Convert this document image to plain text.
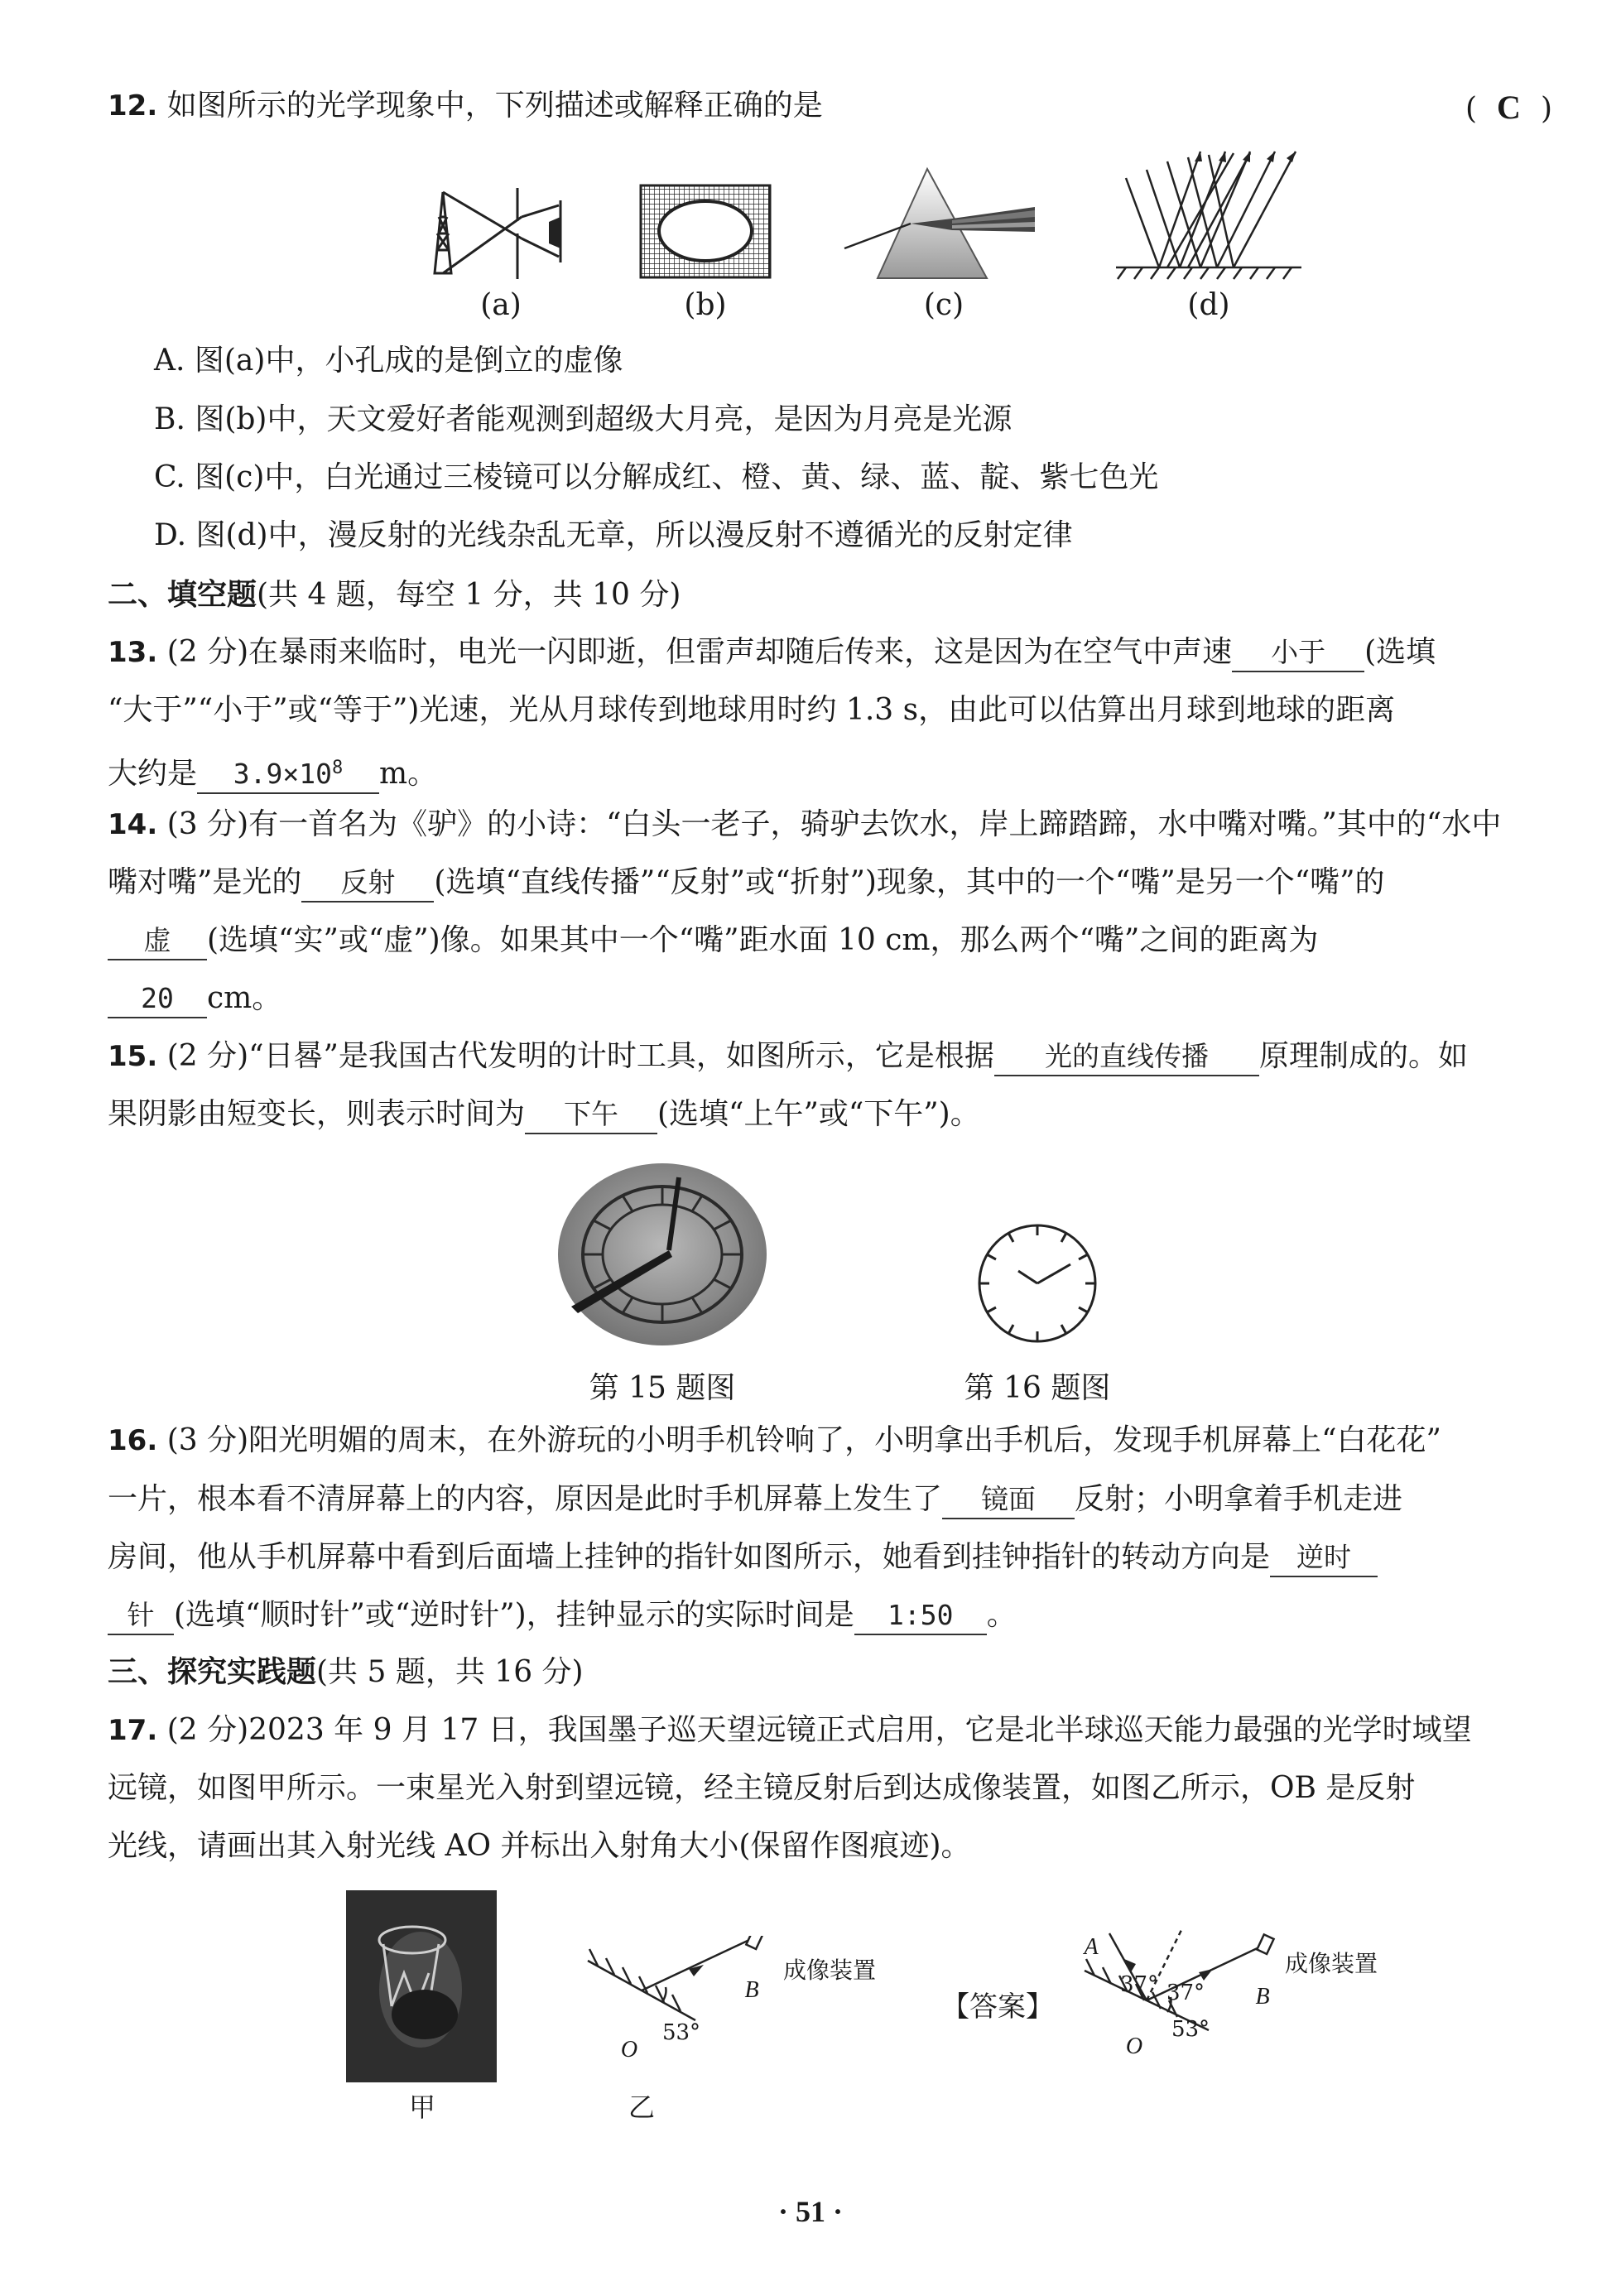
12. 如图所示的光学现象中，下列描述或解释正确的是	( C )
(a)	(b)	(c)	(d)
A. 图(a)中，小孔成的是倒立的虚像
B. 图(b)中，天文爱好者能观测到超级大月亮，是因为月亮是光源
C. 图(c)中，白光通过三棱镜可以分解成红、橙、黄、绿、蓝、靛、紫七色光
D. 图(d)中，漫反射的光线杂乱无章，所以漫反射不遵循光的反射定律
二、填空题(共 4 题，每空 1 分，共 10 分)
13. (2 分)在暴雨来临时，电光一闪即逝，但雷声却随后传来，这是因为在空气中声速 小于 (选填
“大于”“小于”或“等于”)光速，光从月球传到地球用时约 1.3 s，由此可以估算出月球到地球的距离
大约是 $3.9\times 10^8$ m。
14. (3 分)有一首名为《驴》的小诗：“白头一老子，骑驴去饮水，岸上蹄踏蹄，水中嘴对嘴。”其中的“水中
嘴对嘴”是光的 反射 (选填“直线传播”“反射”或“折射”)现象，其中的一个“嘴”是另一个“嘴”的
虚 (选填“实”或“虚”)像。如果其中一个“嘴”距水面 10 cm，那么两个“嘴”之间的距离为
20 cm。
15. (2 分)“日晷”是我国古代发明的计时工具，如图所示，它是根据 光的直线传播 原理制成的。如
果阴影由短变长，则表示时间为 下午 (选填“上午”或“下午”)。
第 15 题图	第 16 题图
16. (3 分)阳光明媚的周末，在外游玩的小明手机铃响了，小明拿出手机后，发现手机屏幕上“白花花”
一片，根本看不清屏幕上的内容，原因是此时手机屏幕上发生了 镜面 反射；小明拿着手机走进
房间，他从手机屏幕中看到后面墙上挂钟的指针如图所示，她看到挂钟指针的转动方向是 逆时
针 (选填“顺时针”或“逆时针”)，挂钟显示的实际时间是 1:50 。
三、探究实践题(共 5 题，共 16 分)
17. (2 分)2023 年 9 月 17 日，我国墨子巡天望远镜正式启用，它是北半球巡天能力最强的光学时域望
远镜，如图甲所示。一束星光入射到望远镜，经主镜反射后到达成像装置，如图乙所示，OB 是反射
光线，请画出其入射光线 AO 并标出入射角大小(保留作图痕迹)。
甲
O
B
53°
成像装置
乙
【答案】
A
37° 37°
53°
O
B
成像装置
· 51 ·
